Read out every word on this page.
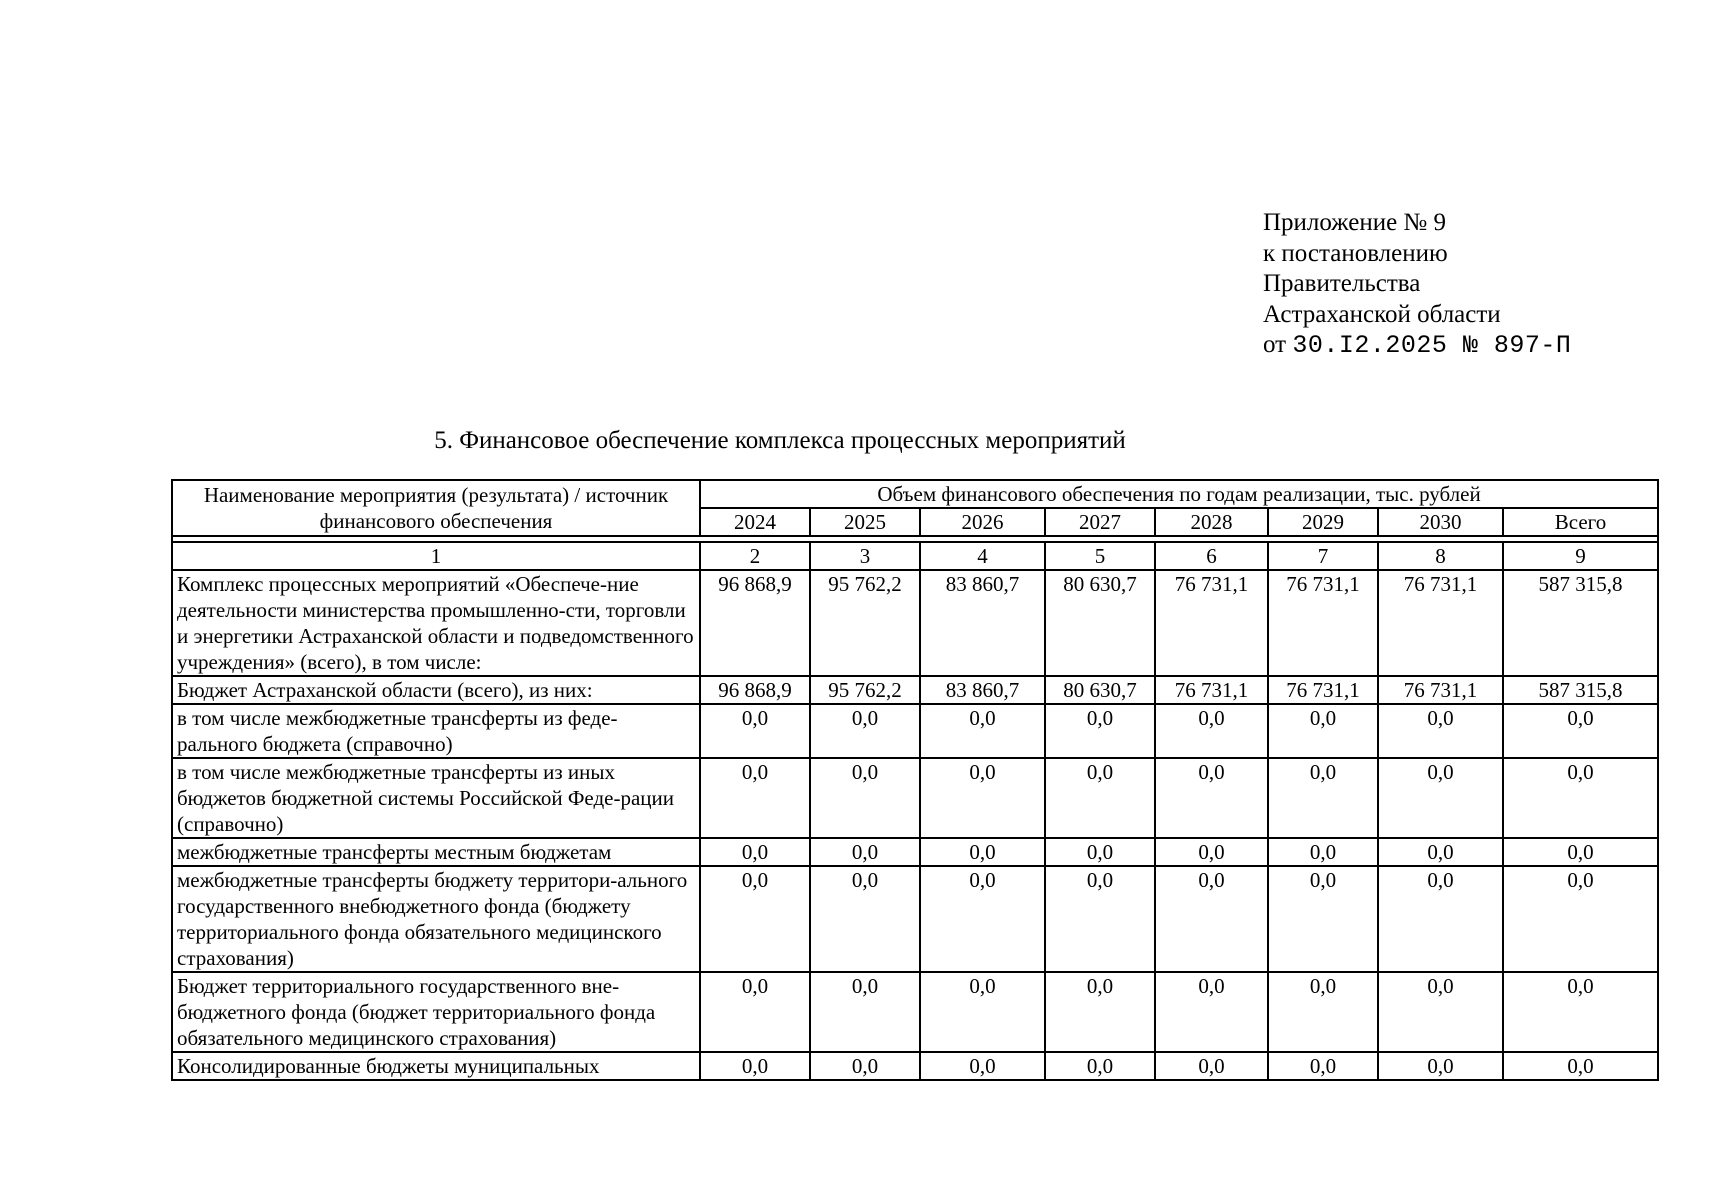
Приложение № 9
к постановлению
Правительства
Астраханской области
от 30.I2.2025 № 897-П
5. Финансовое обеспечение комплекса процессных мероприятий
Наименование мероприятия (результата) / источник финансового обеспечения	Объем финансового обеспечения по годам реализации, тыс. рублей							
	2024	2025	2026	2027	2028	2029	2030	Всего

1	2	3	4	5	6	7	8	9
Комплекс процессных мероприятий «Обеспече-ние деятельности министерства промышленно-сти, торговли и энергетики Астраханской области и подведомственного учреждения» (всего), в том числе:	96 868,9	95 762,2	83 860,7	80 630,7	76 731,1	76 731,1	76 731,1	587 315,8
Бюджет Астраханской области (всего), из них:	96 868,9	95 762,2	83 860,7	80 630,7	76 731,1	76 731,1	76 731,1	587 315,8
в том числе межбюджетные трансферты из феде-рального бюджета (справочно)	0,0	0,0	0,0	0,0	0,0	0,0	0,0	0,0
в том числе межбюджетные трансферты из иных бюджетов бюджетной системы Российской Феде-рации (справочно)	0,0	0,0	0,0	0,0	0,0	0,0	0,0	0,0
межбюджетные трансферты местным бюджетам	0,0	0,0	0,0	0,0	0,0	0,0	0,0	0,0
межбюджетные трансферты бюджету территори-ального государственного внебюджетного фонда (бюджету территориального фонда обязательного медицинского страхования)	0,0	0,0	0,0	0,0	0,0	0,0	0,0	0,0
Бюджет территориального государственного вне-бюджетного фонда (бюджет территориального фонда обязательного медицинского страхования)	0,0	0,0	0,0	0,0	0,0	0,0	0,0	0,0
Консолидированные бюджеты муниципальных	0,0	0,0	0,0	0,0	0,0	0,0	0,0	0,0
